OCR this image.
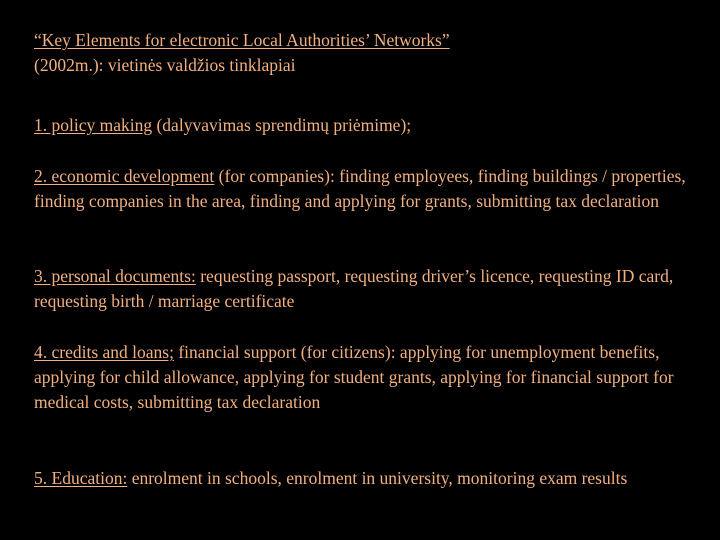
“Key Elements for electronic Local Authorities’ Networks”
(2002m.): vietinės valdžios tinklapiai

1. policy making (dalyvavimas sprendimų priėmime);

2. economic development (for companies): finding employees, finding buildings / properties, finding companies in the area, finding and applying for grants, submitting tax declaration

3. personal documents: requesting passport, requesting driver’s licence, requesting ID card, requesting birth / marriage certificate

4. credits and loans; financial support (for citizens): applying for unemployment benefits, applying for child allowance, applying for student grants, applying for financial support for medical costs, submitting tax declaration

5. Education: enrolment in schools, enrolment in university, monitoring exam results
